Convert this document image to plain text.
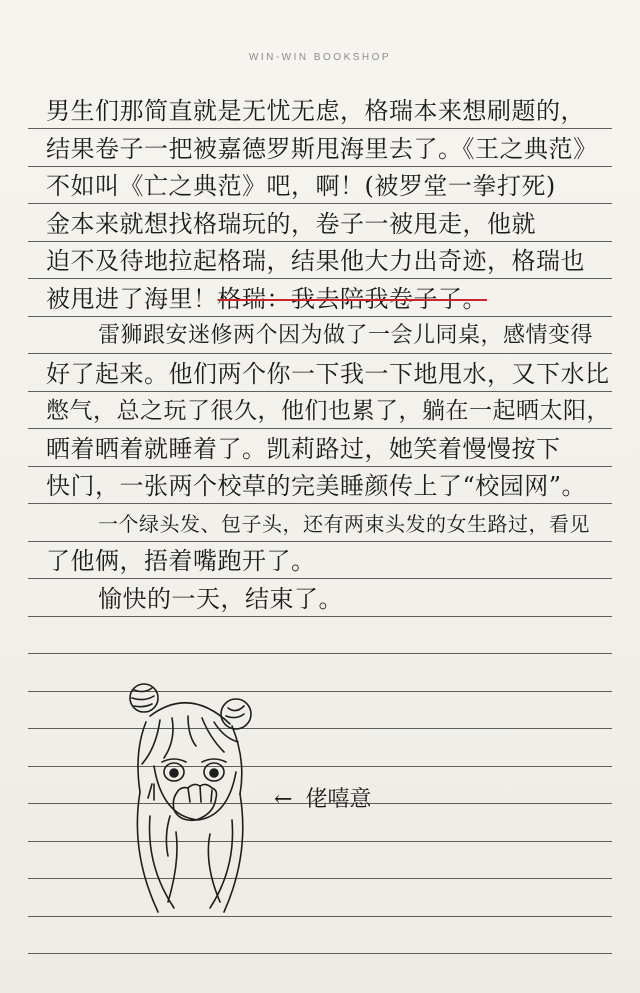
WIN-WIN BOOKSHOP
男生们那简直就是无忧无虑，格瑞本来想刷题的，
结果卷子一把被嘉德罗斯甩海里去了。《王之典范》
不如叫《亡之典范》吧，啊！(被罗堂一拳打死)
金本来就想找格瑞玩的，卷子一被甩走，他就
迫不及待地拉起格瑞，结果他大力出奇迹，格瑞也
被甩进了海里！格瑞：我去陪我卷子了。
雷狮跟安迷修两个因为做了一会儿同桌，感情变得
好了起来。他们两个你一下我一下地甩水，又下水比
憋气，总之玩了很久，他们也累了，躺在一起晒太阳，
晒着晒着就睡着了。凯莉路过，她笑着慢慢按下
快门，一张两个校草的完美睡颜传上了“校园网”。
一个绿头发、包子头，还有两束头发的女生路过，看见
了他俩，捂着嘴跑开了。
愉快的一天，结束了。
← 佬嘻意
